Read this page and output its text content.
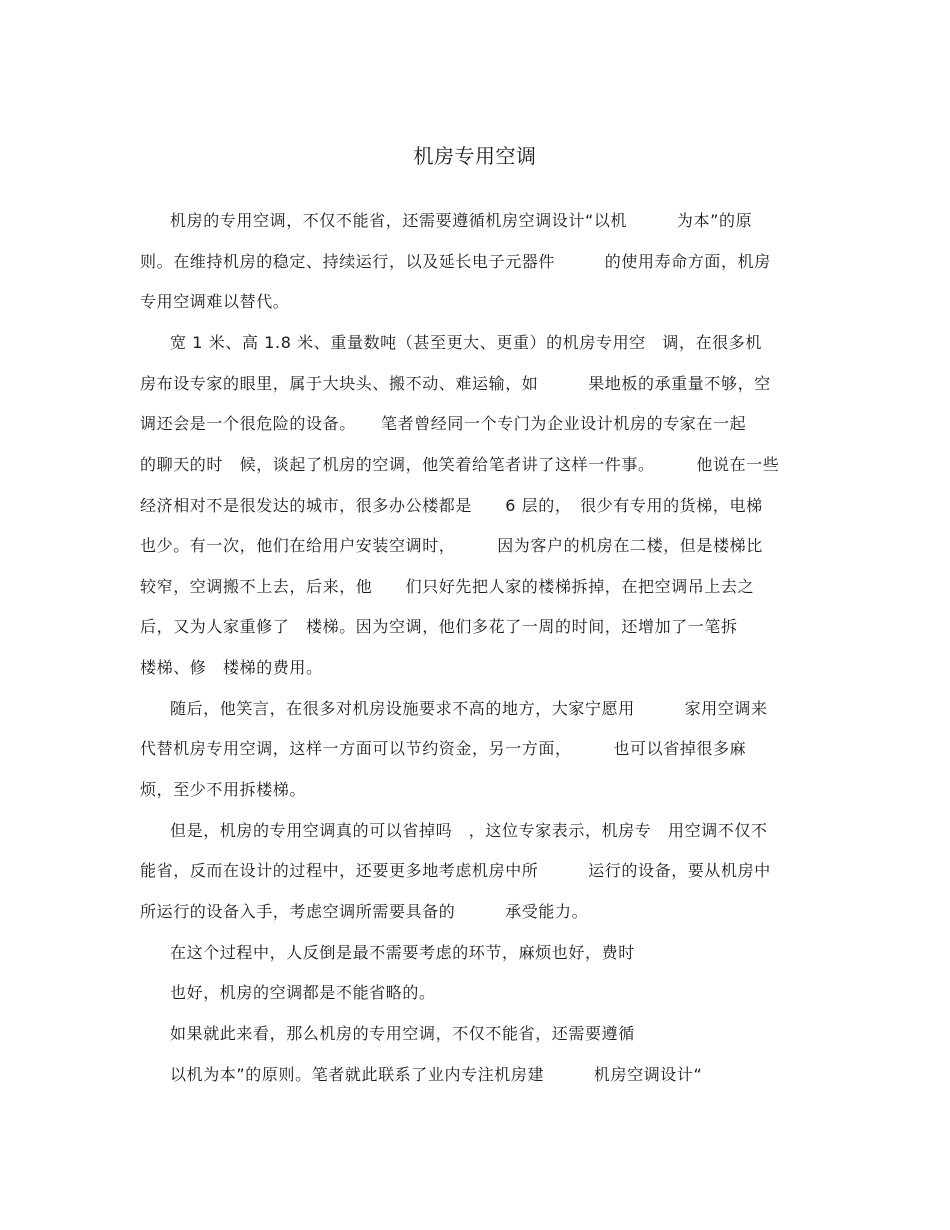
机房专用空调
机房的专用空调，不仅不能省，还需要遵循机房空调设计“以机　　　为本”的原
则。在维持机房的稳定、持续运行，以及延长电子元器件　　　的使用寿命方面，机房
专用空调难以替代。
宽 1 米、高 1.8 米、重量数吨（甚至更大、更重）的机房专用空　调，在很多机
房布设专家的眼里，属于大块头、搬不动、难运输，如　　　果地板的承重量不够，空
调还会是一个很危险的设备。　　笔者曾经同一个专门为企业设计机房的专家在一起
的聊天的时　候，谈起了机房的空调，他笑着给笔者讲了这样一件事。　　　他说在一些
经济相对不是很发达的城市，很多办公楼都是　　6 层的，　很少有专用的货梯，电梯
也少。有一次，他们在给用户安装空调时，　　　因为客户的机房在二楼，但是楼梯比
较窄，空调搬不上去，后来，他　　们只好先把人家的楼梯拆掉，在把空调吊上去之
后，又为人家重修了　楼梯。因为空调，他们多花了一周的时间，还增加了一笔拆
楼梯、修　楼梯的费用。
随后，他笑言，在很多对机房设施要求不高的地方，大家宁愿用　　　家用空调来
代替机房专用空调，这样一方面可以节约资金，另一方面，　　　也可以省掉很多麻
烦，至少不用拆楼梯。
但是，机房的专用空调真的可以省掉吗　，这位专家表示，机房专　用空调不仅不
能省，反而在设计的过程中，还要更多地考虑机房中所　　　运行的设备，要从机房中
所运行的设备入手，考虑空调所需要具备的　　　承受能力。
在这个过程中，人反倒是最不需要考虑的环节，麻烦也好，费时
也好，机房的空调都是不能省略的。
如果就此来看，那么机房的专用空调，不仅不能省，还需要遵循
以机为本”的原则。笔者就此联系了业内专注机房建　　　机房空调设计“
